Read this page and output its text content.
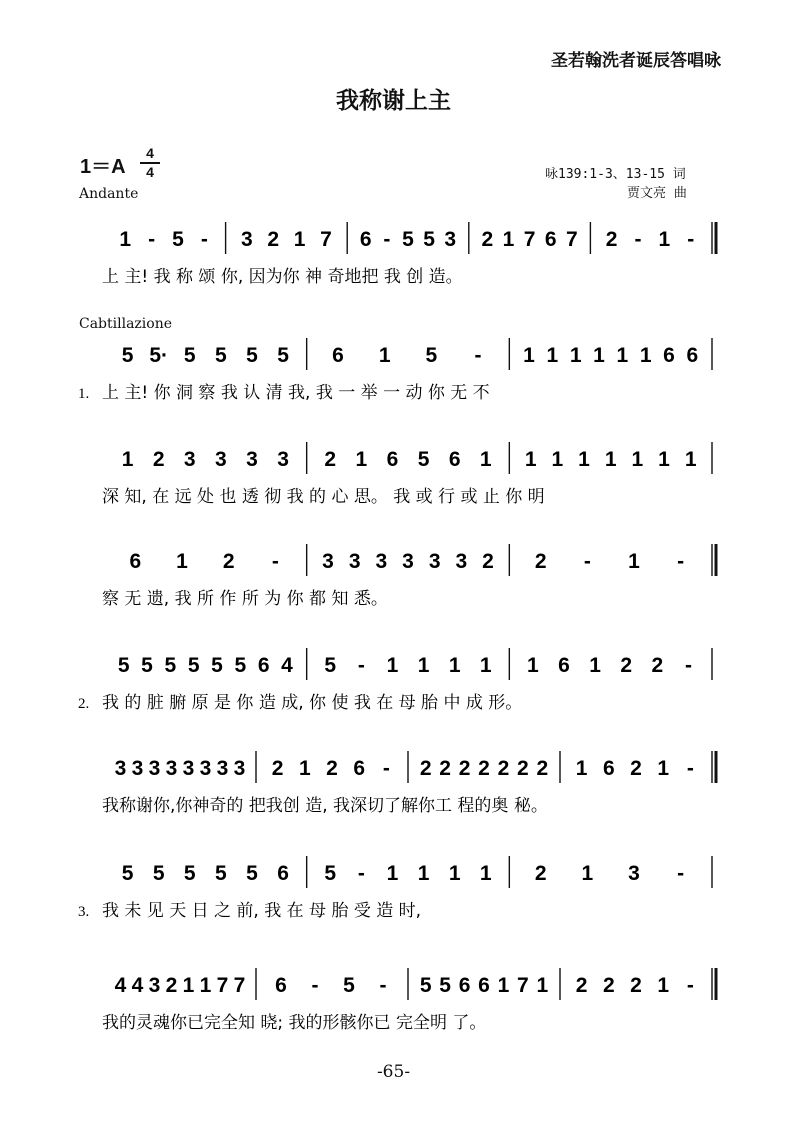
圣若翰洗者诞辰答唱咏
我称谢上主
1＝A
4
4
Andante
咏139:1-3、13-15 词
贾文亮 曲
Cabtillazione
1 - 5 - 3 2 1 7 6 - 5 5 3 2 1 7 6 7 2 - 1 -
上 主! 我 称 颂 你, 因为你 神 奇地把 我 创 造。
1.
5 5· 5 5 5 5 6 1 5 - 1 1 1 1 1 1 6 6
上 主! 你 洞 察 我 认 清 我, 我 一 举 一 动 你 无 不
1 2 3 3 3 3 2 1 6 5 6 1 1 1 1 1 1 1 1
深 知, 在 远 处 也 透 彻 我 的 心 思。 我 或 行 或 止 你 明
6 1 2 - 3 3 3 3 3 3 2 2 - 1 -
察 无 遗, 我 所 作 所 为 你 都 知 悉。
2.
5 5 5 5 5 5 6 4 5 - 1 1 1 1 1 6 1 2 2 -
我 的 脏 腑 原 是 你 造 成, 你 使 我 在 母 胎 中 成 形。
3 3 3 3 3 3 3 3 2 1 2 6 - 2 2 2 2 2 2 2 1 6 2 1 -
我称谢你,你神奇的 把我创 造, 我深切了解你工 程的奥 秘。
3.
5 5 5 5 5 6 5 - 1 1 1 1 2 1 3 -
我 未 见 天 日 之 前, 我 在 母 胎 受 造 时,
4 4 3 2 1 1 7 7 6 - 5 - 5 5 6 6 1 7 1 2 2 2 1 -
我的灵魂你已完全知 晓; 我的形骸你已 完全明 了。
-65-
